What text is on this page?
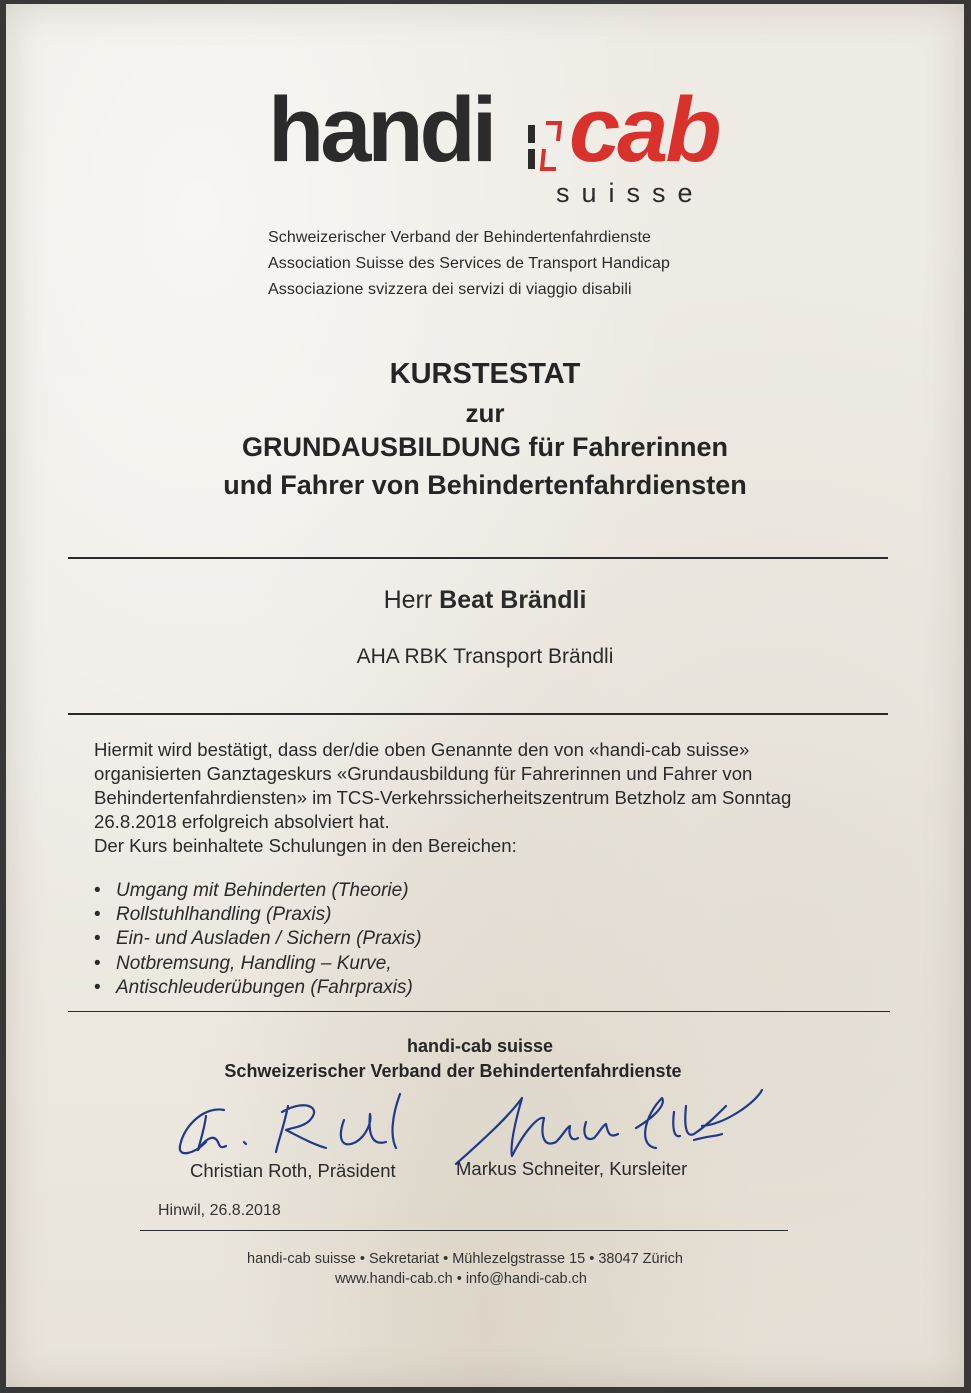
handi cab
suisse
Schweizerischer Verband der Behindertenfahrdienste
Association Suisse des Services de Transport Handicap
Associazione svizzera dei servizi di viaggio disabili
KURSTESTAT
zur
GRUNDAUSBILDUNG für Fahrerinnen
und Fahrer von Behindertenfahrdiensten
Herr Beat Brändli
AHA RBK Transport Brändli
Hiermit wird bestätigt, dass der/die oben Genannte den von «handi-cab suisse»
organisierten Ganztageskurs «Grundausbildung für Fahrerinnen und Fahrer von
Behindertenfahrdiensten» im TCS-Verkehrssicherheitszentrum Betzholz am Sonntag
26.8.2018 erfolgreich absolviert hat.
Der Kurs beinhaltete Schulungen in den Bereichen:
• Umgang mit Behinderten (Theorie)
• Rollstuhlhandling (Praxis)
• Ein- und Ausladen / Sichern (Praxis)
• Notbremsung, Handling – Kurve,
• Antischleuderübungen (Fahrpraxis)
handi-cab suisse
Schweizerischer Verband der Behindertenfahrdienste
Christian Roth, Präsident	Markus Schneiter, Kursleiter
Hinwil, 26.8.2018
handi-cab suisse • Sekretariat • Mühlezelgstrasse 15 • 38047 Zürich
www.handi-cab.ch • info@handi-cab.ch
